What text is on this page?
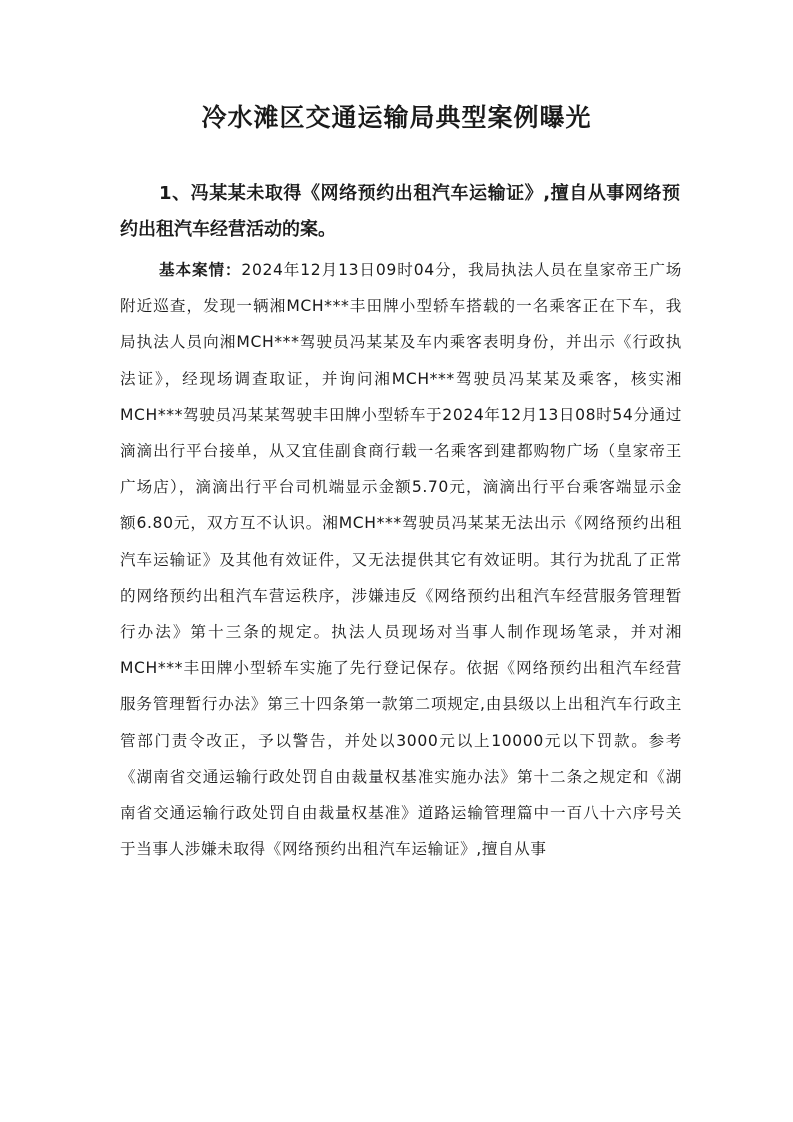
冷水滩区交通运输局典型案例曝光

1、冯某某未取得《网络预约出租汽车运输证》,擅自从事网络预约出租汽车经营活动的案。

基本案情：2024年12月13日09时04分，我局执法人员在皇家帝王广场附近巡查，发现一辆湘MCH***丰田牌小型轿车搭载的一名乘客正在下车，我局执法人员向湘MCH***驾驶员冯某某及车内乘客表明身份，并出示《行政执法证》，经现场调查取证，并询问湘MCH***驾驶员冯某某及乘客，核实湘MCH***驾驶员冯某某驾驶丰田牌小型轿车于2024年12月13日08时54分通过滴滴出行平台接单，从又宜佳副食商行载一名乘客到建都购物广场（皇家帝王广场店），滴滴出行平台司机端显示金额5.70元，滴滴出行平台乘客端显示金额6.80元，双方互不认识。湘MCH***驾驶员冯某某无法出示《网络预约出租汽车运输证》及其他有效证件，又无法提供其它有效证明。其行为扰乱了正常的网络预约出租汽车营运秩序，涉嫌违反《网络预约出租汽车经营服务管理暂行办法》第十三条的规定。执法人员现场对当事人制作现场笔录，并对湘MCH***丰田牌小型轿车实施了先行登记保存。依据《网络预约出租汽车经营服务管理暂行办法》第三十四条第一款第二项规定,由县级以上出租汽车行政主管部门责令改正，予以警告，并处以3000元以上10000元以下罚款。参考《湖南省交通运输行政处罚自由裁量权基准实施办法》第十二条之规定和《湖南省交通运输行政处罚自由裁量权基准》道路运输管理篇中一百八十六序号关于当事人涉嫌未取得《网络预约出租汽车运输证》,擅自从事
